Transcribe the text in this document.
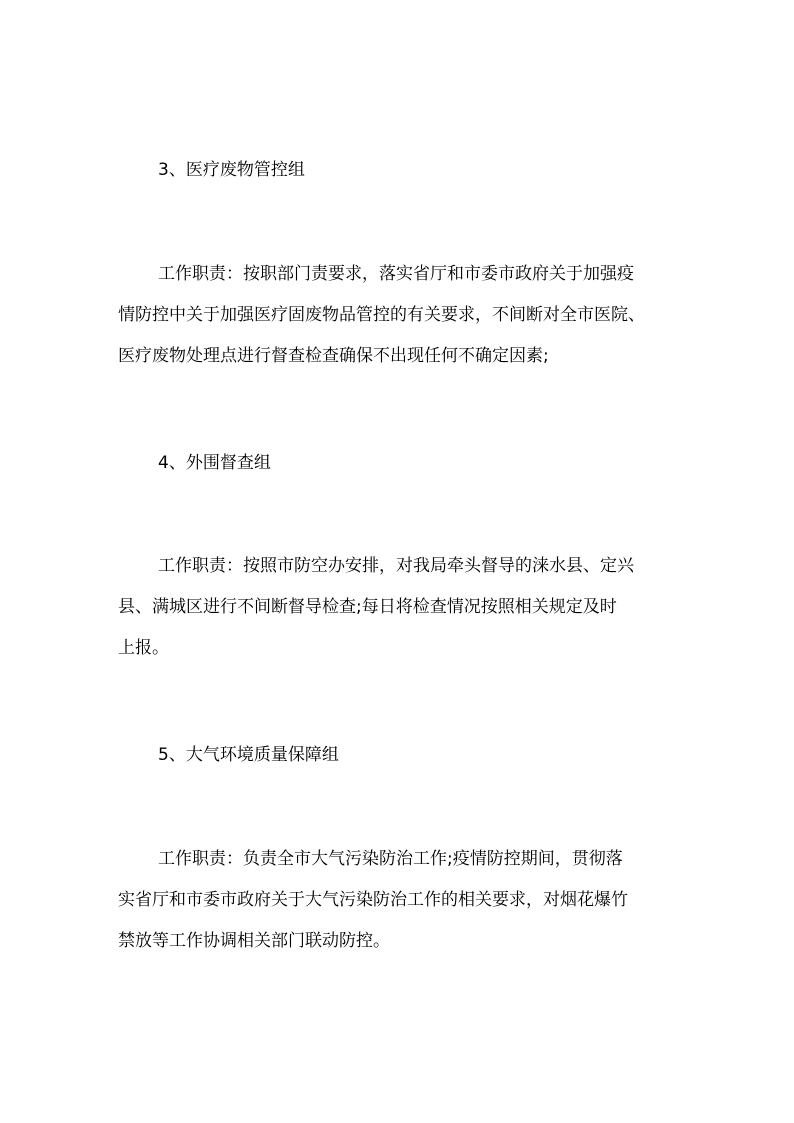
3、医疗废物管控组
工作职责：按职部门责要求，落实省厅和市委市政府关于加强疫
情防控中关于加强医疗固废物品管控的有关要求，不间断对全市医院、
医疗废物处理点进行督查检查确保不出现任何不确定因素;
4、外围督查组
工作职责：按照市防空办安排，对我局牵头督导的涞水县、定兴
县、满城区进行不间断督导检查;每日将检查情况按照相关规定及时
上报。
5、大气环境质量保障组
工作职责：负责全市大气污染防治工作;疫情防控期间，贯彻落
实省厅和市委市政府关于大气污染防治工作的相关要求，对烟花爆竹
禁放等工作协调相关部门联动防控。
